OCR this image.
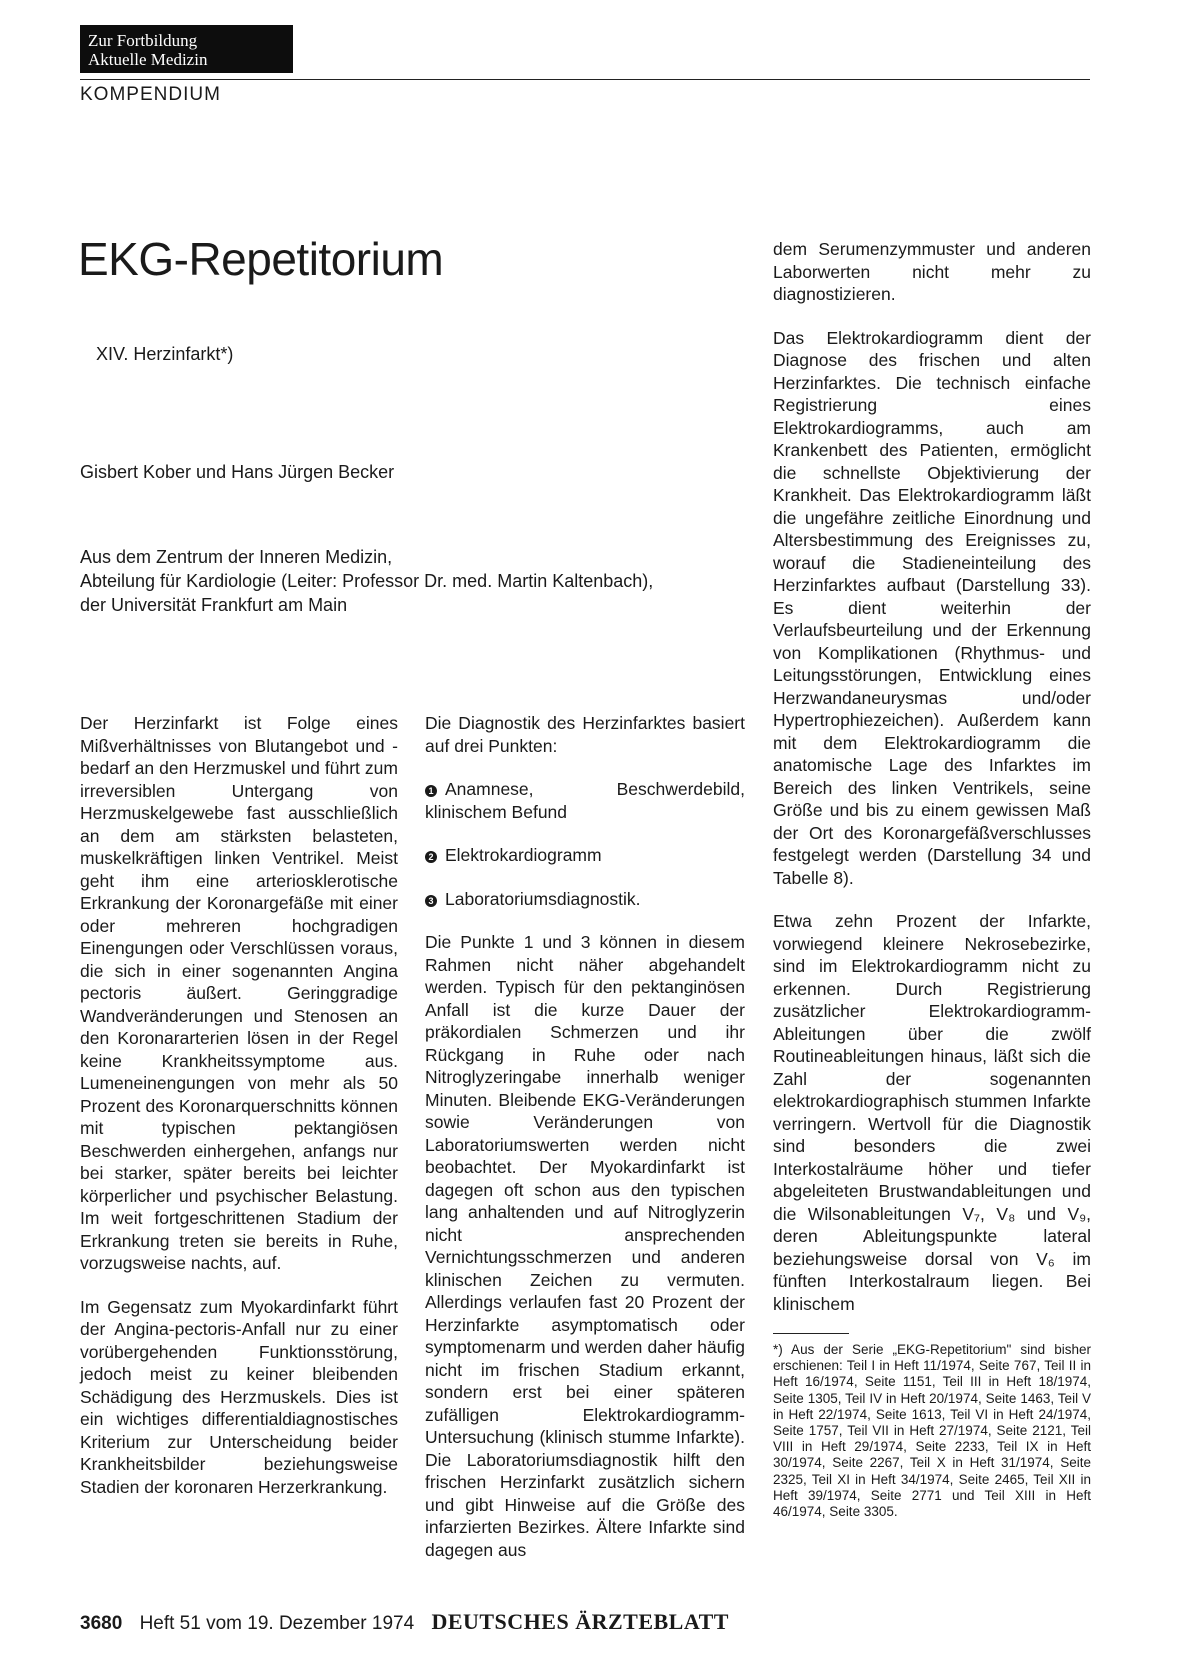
Zur Fortbildung
Aktuelle Medizin
KOMPENDIUM
EKG-Repetitorium
XIV. Herzinfarkt*)
Gisbert Kober und Hans Jürgen Becker
Aus dem Zentrum der Inneren Medizin,
Abteilung für Kardiologie (Leiter: Professor Dr. med. Martin Kaltenbach),
der Universität Frankfurt am Main

Der Herzinfarkt ist Folge eines Mißverhältnisses von Blutangebot und -bedarf an den Herzmuskel und führt zum irreversiblen Untergang von Herzmuskelgewebe fast ausschließlich an dem am stärksten belasteten, muskelkräftigen linken Ventrikel. Meist geht ihm eine arteriosklerotische Erkrankung der Koronargefäße mit einer oder mehreren hochgradigen Einengungen oder Verschlüssen voraus, die sich in einer sogenannten Angina pectoris äußert. Geringgradige Wandveränderungen und Stenosen an den Koronararterien lösen in der Regel keine Krankheitssymptome aus. Lumeneinengungen von mehr als 50 Prozent des Koronarquerschnitts können mit typischen pektangiösen Beschwerden einhergehen, anfangs nur bei starker, später bereits bei leichter körperlicher und psychischer Belastung. Im weit fortgeschrittenen Stadium der Erkrankung treten sie bereits in Ruhe, vorzugsweise nachts, auf.

Im Gegensatz zum Myokardinfarkt führt der Angina-pectoris-Anfall nur zu einer vorübergehenden Funktionsstörung, jedoch meist zu keiner bleibenden Schädigung des Herzmuskels. Dies ist ein wichtiges differentialdiagnostisches Kriterium zur Unterscheidung beider Krankheitsbilder beziehungsweise Stadien der koronaren Herzerkrankung.

Die Diagnostik des Herzinfarktes basiert auf drei Punkten:

1 Anamnese, Beschwerdebild, klinischem Befund
2 Elektrokardiogramm
3 Laboratoriumsdiagnostik.

Die Punkte 1 und 3 können in diesem Rahmen nicht näher abgehandelt werden. Typisch für den pektanginösen Anfall ist die kurze Dauer der präkordialen Schmerzen und ihr Rückgang in Ruhe oder nach Nitroglyzeringabe innerhalb weniger Minuten. Bleibende EKG-Veränderungen sowie Veränderungen von Laboratoriumswerten werden nicht beobachtet. Der Myokardinfarkt ist dagegen oft schon aus den typischen lang anhaltenden und auf Nitroglyzerin nicht ansprechenden Vernichtungsschmerzen und anderen klinischen Zeichen zu vermuten. Allerdings verlaufen fast 20 Prozent der Herzinfarkte asymptomatisch oder symptomenarm und werden daher häufig nicht im frischen Stadium erkannt, sondern erst bei einer späteren zufälligen Elektrokardiogramm-Untersuchung (klinisch stumme Infarkte). Die Laboratoriumsdiagnostik hilft den frischen Herzinfarkt zusätzlich sichern und gibt Hinweise auf die Größe des infarzierten Bezirkes. Ältere Infarkte sind dagegen aus

dem Serumenzymmuster und anderen Laborwerten nicht mehr zu diagnostizieren.

Das Elektrokardiogramm dient der Diagnose des frischen und alten Herzinfarktes. Die technisch einfache Registrierung eines Elektrokardiogramms, auch am Krankenbett des Patienten, ermöglicht die schnellste Objektivierung der Krankheit. Das Elektrokardiogramm läßt die ungefähre zeitliche Einordnung und Altersbestimmung des Ereignisses zu, worauf die Stadieneinteilung des Herzinfarktes aufbaut (Darstellung 33). Es dient weiterhin der Verlaufsbeurteilung und der Erkennung von Komplikationen (Rhythmus- und Leitungsstörungen, Entwicklung eines Herzwandaneurysmas und/oder Hypertrophiezeichen). Außerdem kann mit dem Elektrokardiogramm die anatomische Lage des Infarktes im Bereich des linken Ventrikels, seine Größe und bis zu einem gewissen Maß der Ort des Koronargefäßverschlusses festgelegt werden (Darstellung 34 und Tabelle 8).

Etwa zehn Prozent der Infarkte, vorwiegend kleinere Nekrosebezirke, sind im Elektrokardiogramm nicht zu erkennen. Durch Registrierung zusätzlicher Elektrokardiogramm-Ableitungen über die zwölf Routineableitungen hinaus, läßt sich die Zahl der sogenannten elektrokardiographisch stummen Infarkte verringern. Wertvoll für die Diagnostik sind besonders die zwei Interkostalräume höher und tiefer abgeleiteten Brustwandableitungen und die Wilsonableitungen V₇, V₈ und V₉, deren Ableitungspunkte lateral beziehungsweise dorsal von V₆ im fünften Interkostalraum liegen. Bei klinischem

*) Aus der Serie „EKG-Repetitorium" sind bisher erschienen: Teil I in Heft 11/1974, Seite 767, Teil II in Heft 16/1974, Seite 1151, Teil III in Heft 18/1974, Seite 1305, Teil IV in Heft 20/1974, Seite 1463, Teil V in Heft 22/1974, Seite 1613, Teil VI in Heft 24/1974, Seite 1757, Teil VII in Heft 27/1974, Seite 2121, Teil VIII in Heft 29/1974, Seite 2233, Teil IX in Heft 30/1974, Seite 2267, Teil X in Heft 31/1974, Seite 2325, Teil XI in Heft 34/1974, Seite 2465, Teil XII in Heft 39/1974, Seite 2771 und Teil XIII in Heft 46/1974, Seite 3305.
3680 Heft 51 vom 19. Dezember 1974 DEUTSCHES ÄRZTEBLATT
